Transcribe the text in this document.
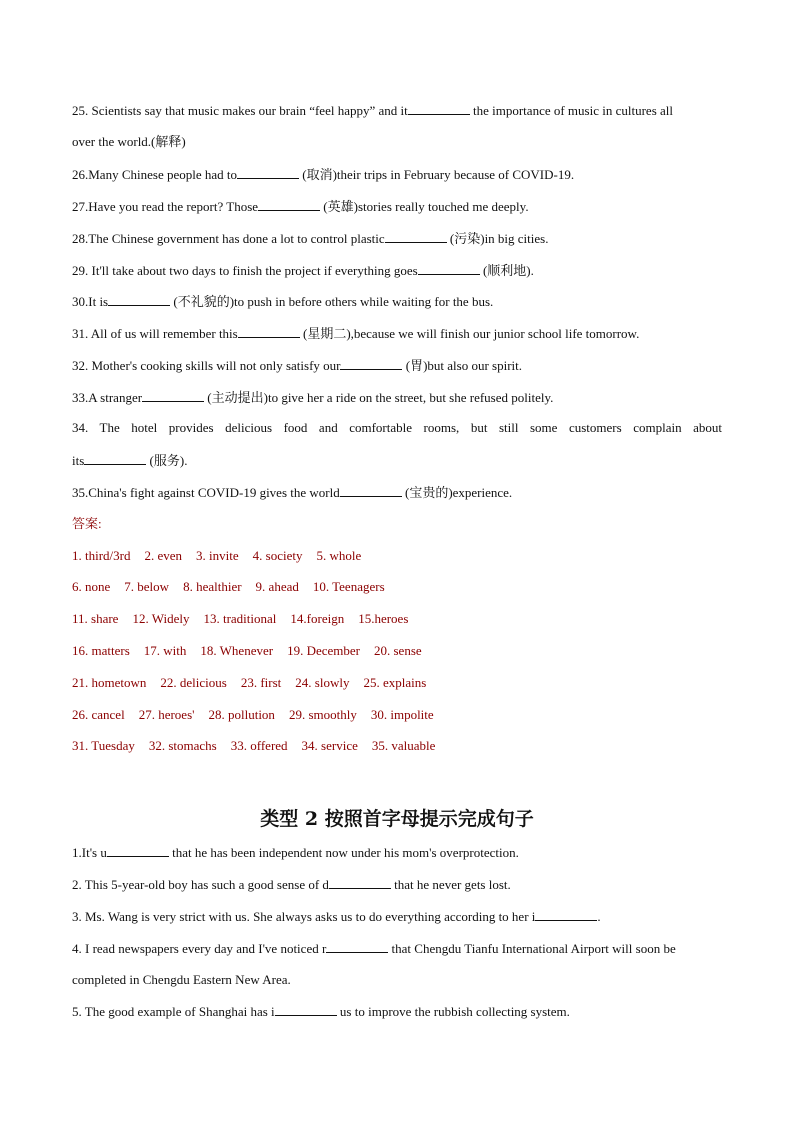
25. Scientists say that music makes our brain “feel happy” and it	the importance of music in cultures all
over the world.(解释)
26.Many Chinese people had to	(取消)their trips in February because of COVID-19.
27.Have you read the report? Those	(英雄)stories really touched me deeply.
28.The Chinese government has done a lot to control plastic	(污染)in big cities.
29. It'll take about two days to finish the project if everything goes	(顺利地).
30.It is	(不礼貌的)to push in before others while waiting for the bus.
31. All of us will remember this	(星期二),because we will finish our junior school life tomorrow.
32. Mother's cooking skills will not only satisfy our	(胃)but also our spirit.
33.A stranger	(主动提出)to give her a ride on the street, but she refused politely.
34. The hotel provides delicious food and comfortable rooms, but still some customers complain about
its	(服务).
35.China's fight against COVID-19 gives the world	(宝贵的)experience.
答案:
1. third/3rd 2. even 3. invite 4. society 5. whole
6. none 7. below 8. healthier 9. ahead 10. Teenagers
11. share 12. Widely 13. traditional 14.foreign 15.heroes
16. matters 17. with 18. Whenever 19. December 20. sense
21. hometown 22. delicious 23. first 24. slowly 25. explains
26. cancel 27. heroes' 28. pollution 29. smoothly 30. impolite
31. Tuesday 32. stomachs 33. offered 34. service 35. valuable
类型 2 按照首字母提示完成句子
1.It's u	that he has been independent now under his mom's overprotection.
2. This 5-year-old boy has such a good sense of d	that he never gets lost.
3. Ms. Wang is very strict with us. She always asks us to do everything according to her i	.
4. I read newspapers every day and I've noticed r	that Chengdu Tianfu International Airport will soon be
completed in Chengdu Eastern New Area.
5. The good example of Shanghai has i	us to improve the rubbish collecting system.
